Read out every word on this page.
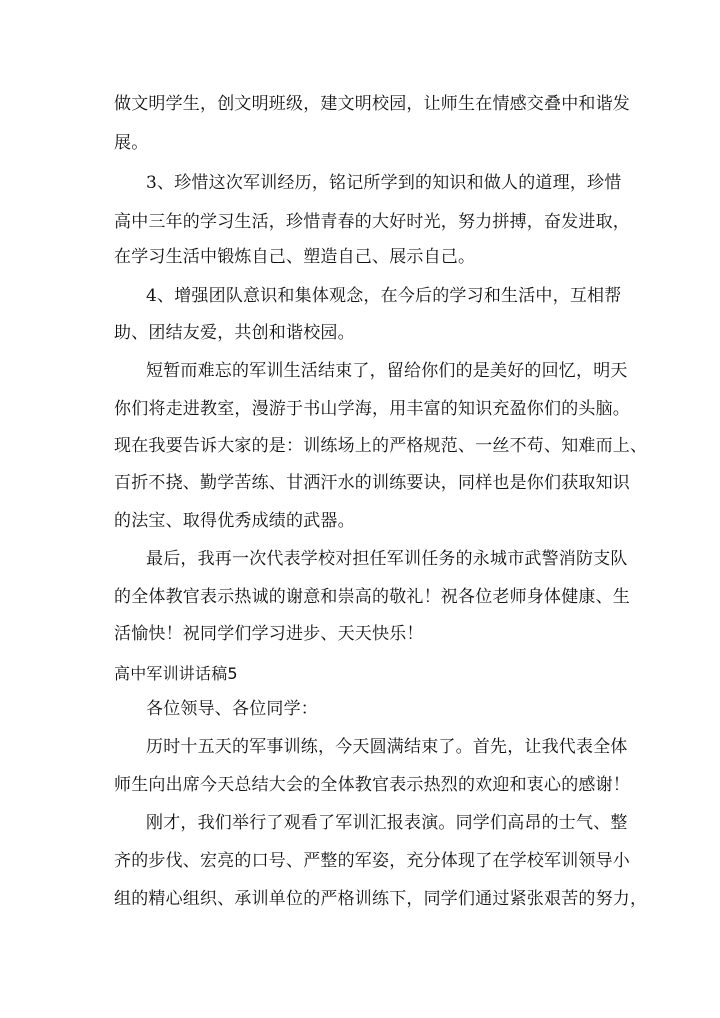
做文明学生，创文明班级，建文明校园，让师生在情感交叠中和谐发
展。
3、珍惜这次军训经历，铭记所学到的知识和做人的道理，珍惜
高中三年的学习生活，珍惜青春的大好时光，努力拼搏，奋发进取，
在学习生活中锻炼自己、塑造自己、展示自己。
4、增强团队意识和集体观念，在今后的学习和生活中，互相帮
助、团结友爱，共创和谐校园。
短暂而难忘的军训生活结束了，留给你们的是美好的回忆，明天
你们将走进教室，漫游于书山学海，用丰富的知识充盈你们的头脑。
现在我要告诉大家的是：训练场上的严格规范、一丝不苟、知难而上、
百折不挠、勤学苦练、甘洒汗水的训练要诀，同样也是你们获取知识
的法宝、取得优秀成绩的武器。
最后，我再一次代表学校对担任军训任务的永城市武警消防支队
的全体教官表示热诚的谢意和崇高的敬礼！祝各位老师身体健康、生
活愉快！祝同学们学习进步、天天快乐！
高中军训讲话稿5
各位领导、各位同学：
历时十五天的军事训练，今天圆满结束了。首先，让我代表全体
师生向出席今天总结大会的全体教官表示热烈的欢迎和衷心的感谢！
刚才，我们举行了观看了军训汇报表演。同学们高昂的士气、整
齐的步伐、宏亮的口号、严整的军姿，充分体现了在学校军训领导小
组的精心组织、承训单位的严格训练下，同学们通过紧张艰苦的努力，
